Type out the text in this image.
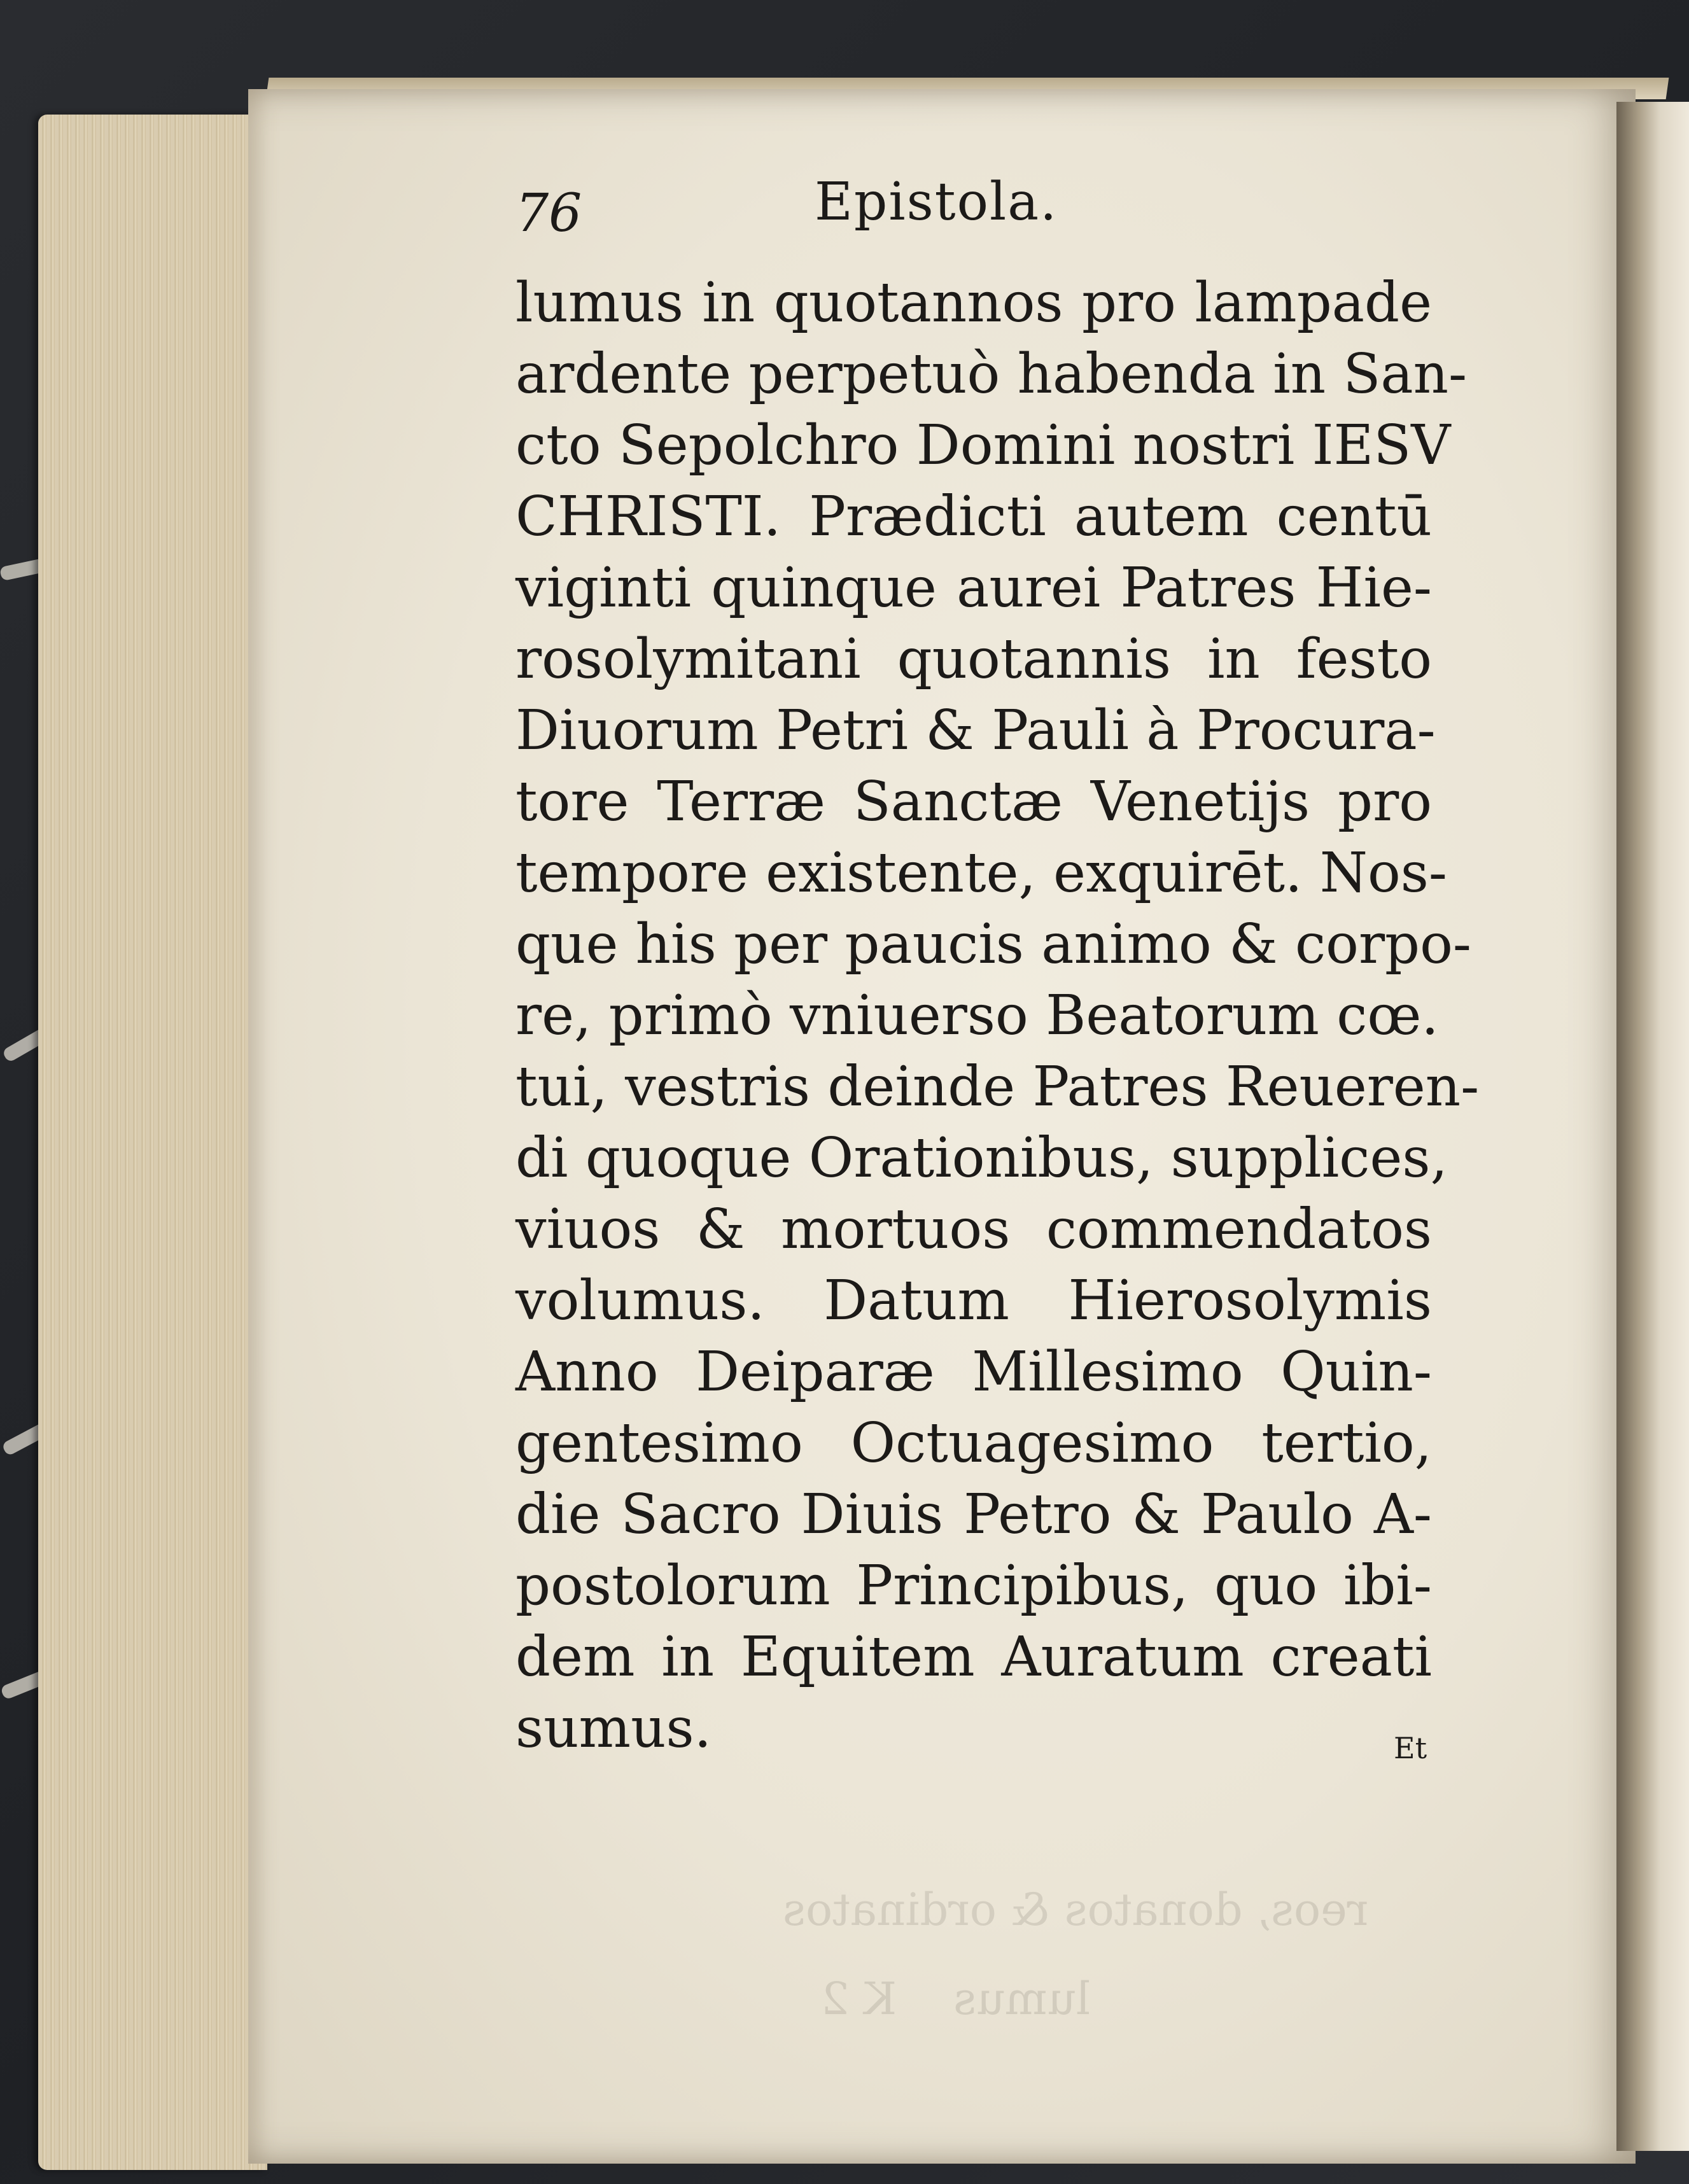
reos, donatos & ordinatos
lumus    K 2
76	Epistola.
lumus in quotannos pro lampade
ardente perpetuò habenda in San-
cto Sepolchro Domini nostri IESV
CHRISTI. Prædicti autem centū
viginti quinque aurei Patres Hie-
rosolymitani quotannis in festo
Diuorum Petri & Pauli à Procura-
tore Terræ Sanctæ Venetijs pro
tempore existente, exquirēt. Nos-
que his per paucis animo & corpo-
re, primò vniuerso Beatorum cœ.
tui, vestris deinde Patres Reueren-
di quoque Orationibus, supplices,
viuos & mortuos commendatos
volumus. Datum Hierosolymis
Anno Deiparæ Millesimo Quin-
gentesimo Octuagesimo tertio,
die Sacro Diuis Petro & Paulo A-
postolorum Principibus, quo ibi-
dem in Equitem Auratum creati
sumus.	Et
